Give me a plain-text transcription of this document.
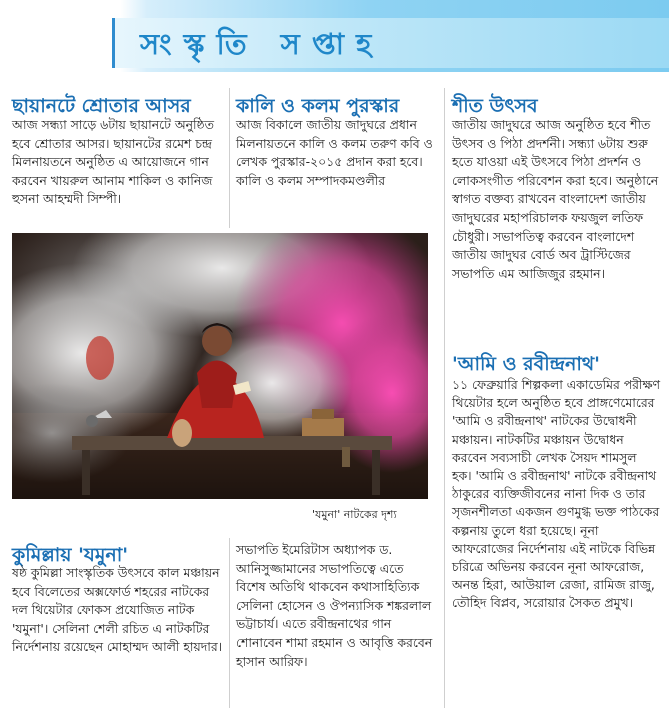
সংস্কৃতি সপ্তাহ
ছায়ানটে শ্রোতার আসর
আজ সন্ধ্যা সাড়ে ৬টায় ছায়ানটে অনুষ্ঠিত হবে শ্রোতার আসর। ছায়ানটের রমেশ চন্দ্র মিলনায়তনে অনুষ্ঠিত এ আয়োজনে গান করবেন খায়রুল আনাম শাকিল ও কানিজ হুসনা আহম্মদী সিম্পী।
কালি ও কলম পুরস্কার
আজ বিকালে জাতীয় জাদুঘরে প্রধান মিলনায়তনে কালি ও কলম তরুণ কবি ও লেখক পুরস্কার-২০১৫ প্রদান করা হবে। কালি ও কলম সম্পাদকমণ্ডলীর
শীত উৎসব
জাতীয় জাদুঘরে আজ অনুষ্ঠিত হবে শীত উৎসব ও পিঠা প্রদর্শনী। সন্ধ্যা ৬টায় শুরু হতে যাওয়া এই উৎসবে পিঠা প্রদর্শন ও লোকসংগীত পরিবেশন করা হবে। অনুষ্ঠানে স্বাগত বক্তব্য রাখবেন বাংলাদেশ জাতীয় জাদুঘরের মহাপরিচালক ফয়জুল লতিফ চৌধুরী। সভাপতিত্ব করবেন বাংলাদেশ জাতীয় জাদুঘর বোর্ড অব ট্রাস্টিজের সভাপতি এম আজিজুর রহমান।
'আমি ও রবীন্দ্রনাথ'
১১ ফেব্রুয়ারি শিল্পকলা একাডেমির পরীক্ষণ থিয়েটার হলে অনুষ্ঠিত হবে প্রাঙ্গণেমোরের 'আমি ও রবীন্দ্রনাথ' নাটকের উদ্বোধনী মঞ্চায়ন। নাটকটির মঞ্চায়ন উদ্বোধন করবেন সব্যসাচী লেখক সৈয়দ শামসুল হক। 'আমি ও রবীন্দ্রনাথ' নাটকে রবীন্দ্রনাথ ঠাকুরের ব্যক্তিজীবনের নানা দিক ও তার সৃজনশীলতা একজন গুণমুগ্ধ ভক্ত পাঠকের কল্পনায় তুলে ধরা হয়েছে। নূনা আফরোজের নির্দেশনায় এই নাটকে বিভিন্ন চরিত্রে অভিনয় করবেন নূনা আফরোজ, অনন্ত হিরা, আউয়াল রেজা, রামিজ রাজু, তৌহিদ বিপ্লব, সরোয়ার সৈকত প্রমুখ।
'যমুনা' নাটকের দৃশ্য
কুমিল্লায় 'যমুনা'
ষষ্ঠ কুমিল্লা সাংস্কৃতিক উৎসবে কাল মঞ্চায়ন হবে বিলেতের অক্সফোর্ড শহরের নাটকের দল থিয়েটার ফোকস প্রযোজিত নাটক 'যমুনা'। সেলিনা শেলী রচিত এ নাটকটির নির্দেশনায় রয়েছেন মোহাম্মদ আলী হায়দার।
সভাপতি ইমেরিটাস অধ্যাপক ড. আনিসুজ্জামানের সভাপতিত্বে এতে বিশেষ অতিথি থাকবেন কথাসাহিত্যিক সেলিনা হোসেন ও ঔপন্যাসিক শঙ্করলাল ভট্টাচার্য। এতে রবীন্দ্রনাথের গান শোনাবেন শামা রহমান ও আবৃত্তি করবেন হাসান আরিফ।
